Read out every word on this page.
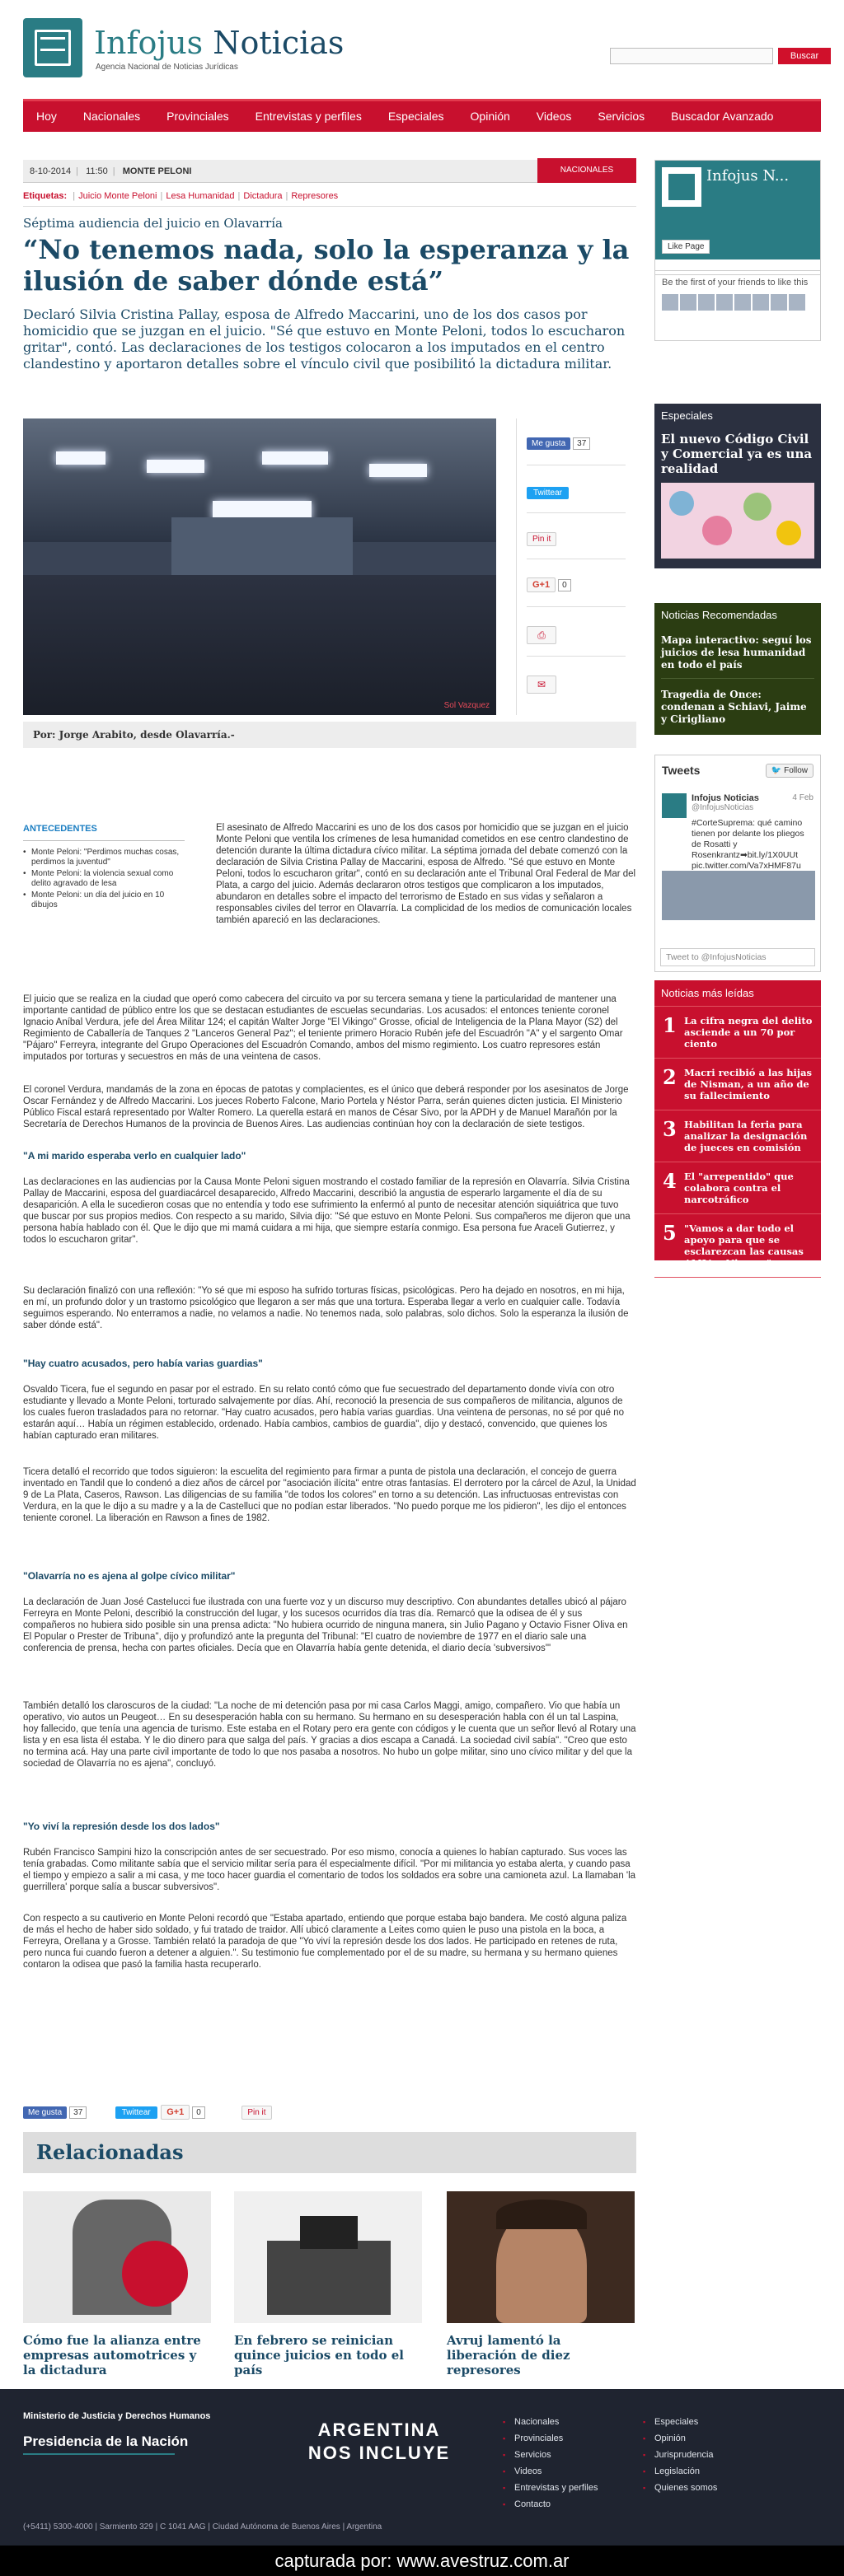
Infojus Noticias
Agencia Nacional de Noticias Jurídicas
Buscar
Hoy	Nacionales	Provinciales	Entrevistas y perfiles	Especiales	Opinión	Videos	Servicios	Buscador Avanzado
8-10-2014 | 11:50 | MONTE PELONI	NACIONALES
Etiquetas: | Juicio Monte Peloni | Lesa Humanidad | Dictadura | Represores
Séptima audiencia del juicio en Olavarría
“No tenemos nada, solo la esperanza y la ilusión de saber dónde está”
Declaró Silvia Cristina Pallay, esposa de Alfredo Maccarini, uno de los dos casos por homicidio que se juzgan en el juicio. "Sé que estuvo en Monte Peloni, todos lo escucharon gritar", contó. Las declaraciones de los testigos colocaron a los imputados en el centro clandestino y aportaron detalles sobre el vínculo civil que posibilitó la dictadura militar.
Sol Vazquez
Me gusta 37
Twittear
Pin it
G+1 0
⎙
✉
Por: Jorge Arabito, desde Olavarría.-
ANTECEDENTES
• Monte Peloni: "Perdimos muchas cosas, perdimos la juventud"
• Monte Peloni: la violencia sexual como delito agravado de lesa
• Monte Peloni: un día del juicio en 10 dibujos
El asesinato de Alfredo Maccarini es uno de los dos casos por homicidio que se juzgan en el juicio Monte Peloni que ventila los crímenes de lesa humanidad cometidos en ese centro clandestino de detención durante la última dictadura cívico militar. La séptima jornada del debate comenzó con la declaración de Silvia Cristina Pallay de Maccarini, esposa de Alfredo. "Sé que estuvo en Monte Peloni, todos lo escucharon gritar", contó en su declaración ante el Tribunal Oral Federal de Mar del Plata, a cargo del juicio. Además declararon otros testigos que complicaron a los imputados, abundaron en detalles sobre el impacto del terrorismo de Estado en sus vidas y señalaron a responsables civiles del terror en Olavarría. La complicidad de los medios de comunicación locales también apareció en las declaraciones.
El juicio que se realiza en la ciudad que operó como cabecera del circuito va por su tercera semana y tiene la particularidad de mantener una importante cantidad de público entre los que se destacan estudiantes de escuelas secundarias. Los acusados: el entonces teniente coronel Ignacio Aníbal Verdura, jefe del Área Militar 124; el capitán Walter Jorge "El Vikingo" Grosse, oficial de Inteligencia de la Plana Mayor (S2) del Regimiento de Caballería de Tanques 2 "Lanceros General Paz"; el teniente primero Horacio Rubén jefe del Escuadrón "A" y el sargento Omar "Pájaro" Ferreyra, integrante del Grupo Operaciones del Escuadrón Comando, ambos del mismo regimiento. Los cuatro represores están imputados por torturas y secuestros en más de una veintena de casos.
El coronel Verdura, mandamás de la zona en épocas de patotas y complacientes, es el único que deberá responder por los asesinatos de Jorge Oscar Fernández y de Alfredo Maccarini. Los jueces Roberto Falcone, Mario Portela y Néstor Parra, serán quienes dicten justicia. El Ministerio Público Fiscal estará representado por Walter Romero. La querella estará en manos de César Sivo, por la APDH y de Manuel Marañón por la Secretaría de Derechos Humanos de la provincia de Buenos Aires. Las audiencias continúan hoy con la declaración de siete testigos.
"A mi marido esperaba verlo en cualquier lado"
Las declaraciones en las audiencias por la Causa Monte Peloni siguen mostrando el costado familiar de la represión en Olavarría. Silvia Cristina Pallay de Maccarini, esposa del guardiacárcel desaparecido, Alfredo Maccarini, describió la angustia de esperarlo largamente el día de su desaparición. A ella le sucedieron cosas que no entendía y todo ese sufrimiento la enfermó al punto de necesitar atención siquiátrica que tuvo que buscar por sus propios medios. Con respecto a su marido, Silvia dijo: "Sé que estuvo en Monte Peloni. Sus compañeros me dijeron que una persona había hablado con él. Que le dijo que mi mamá cuidara a mi hija, que siempre estaría conmigo. Esa persona fue Araceli Gutierrez, y todos lo escucharon gritar".
Su declaración finalizó con una reflexión: "Yo sé que mi esposo ha sufrido torturas físicas, psicológicas. Pero ha dejado en nosotros, en mi hija, en mí, un profundo dolor y un trastorno psicológico que llegaron a ser más que una tortura. Esperaba llegar a verlo en cualquier calle. Todavía seguimos esperando. No enterramos a nadie, no velamos a nadie. No tenemos nada, solo palabras, solo dichos. Solo la esperanza la ilusión de saber dónde está".
"Hay cuatro acusados, pero había varias guardias"
Osvaldo Ticera, fue el segundo en pasar por el estrado. En su relato contó cómo que fue secuestrado del departamento donde vivía con otro estudiante y llevado a Monte Peloni, torturado salvajemente por días. Ahí, reconoció la presencia de sus compañeros de militancia, algunos de los cuales fueron trasladados para no retornar. "Hay cuatro acusados, pero había varias guardias. Una veintena de personas, no sé por qué no estarán aquí… Había un régimen establecido, ordenado. Había cambios, cambios de guardia", dijo y destacó, convencido, que quienes los habían capturado eran militares.
Ticera detalló el recorrido que todos siguieron: la escuelita del regimiento para firmar a punta de pistola una declaración, el concejo de guerra inventado en Tandil que lo condenó a diez años de cárcel por "asociación ilícita" entre otras fantasías. El derrotero por la cárcel de Azul, la Unidad 9 de La Plata, Caseros, Rawson. Las diligencias de su familia "de todos los colores" en torno a su detención. Las infructuosas entrevistas con Verdura, en la que le dijo a su madre y a la de Castelluci que no podían estar liberados. "No puedo porque me los pidieron", les dijo el entonces teniente coronel. La liberación en Rawson a fines de 1982.
"Olavarría no es ajena al golpe cívico militar"
La declaración de Juan José Castelucci fue ilustrada con una fuerte voz y un discurso muy descriptivo. Con abundantes detalles ubicó al pájaro Ferreyra en Monte Peloni, describió la construcción del lugar, y los sucesos ocurridos día tras día. Remarcó que la odisea de él y sus compañeros no hubiera sido posible sin una prensa adicta: "No hubiera ocurrido de ninguna manera, sin Julio Pagano y Octavio Fisner Oliva en El Popular o Prester de Tribuna", dijo y profundizó ante la pregunta del Tribunal: "El cuatro de noviembre de 1977 en el diario sale una conferencia de prensa, hecha con partes oficiales. Decía que en Olavarría había gente detenida, el diario decía 'subversivos'"
También detalló los claroscuros de la ciudad: "La noche de mi detención pasa por mi casa Carlos Maggi, amigo, compañero. Vio que había un operativo, vio autos un Peugeot… En su desesperación habla con su hermano. Su hermano en su desesperación habla con él un tal Laspina, hoy fallecido, que tenía una agencia de turismo. Este estaba en el Rotary pero era gente con códigos y le cuenta que un señor llevó al Rotary una lista y en esa lista él estaba. Y le dio dinero para que salga del país. Y gracias a dios escapa a Canadá. La sociedad civil sabía". "Creo que esto no termina acá. Hay una parte civil importante de todo lo que nos pasaba a nosotros. No hubo un golpe militar, sino uno cívico militar y del que la sociedad de Olavarría no es ajena", concluyó.
"Yo viví la represión desde los dos lados"
Rubén Francisco Sampini hizo la conscripción antes de ser secuestrado. Por eso mismo, conocía a quienes lo habían capturado. Sus voces las tenía grabadas. Como militante sabía que el servicio militar sería para él especialmente difícil. "Por mi militancia yo estaba alerta, y cuando pasa el tiempo y empiezo a salir a mi casa, y me toco hacer guardia el comentario de todos los soldados era sobre una camioneta azul. La llamaban 'la guerrillera' porque salía a buscar subversivos".
Con respecto a su cautiverio en Monte Peloni recordó que "Estaba apartado, entiendo que porque estaba bajo bandera. Me costó alguna paliza de más el hecho de haber sido soldado, y fui tratado de traidor. Allí ubicó claramente a Leites como quien le puso una pistola en la boca, a Ferreyra, Orellana y a Grosse. También relató la paradoja de que "Yo viví la represión desde los dos lados. He participado en retenes de ruta, pero nunca fui cuando fueron a detener a alguien.". Su testimonio fue complementado por el de su madre, su hermana y su hermano quienes contaron la odisea que pasó la familia hasta recuperarlo.
Me gusta 37	Twittear G+1 0	Pin it
Relacionadas
Cómo fue la alianza entre empresas automotrices y la dictadura
En febrero se reinician quince juicios en todo el país
Avruj lamentó la liberación de diez represores
Infojus N...
Like Page
Be the first of your friends to like this
Especiales
El nuevo Código Civil y Comercial ya es una realidad
Noticias Recomendadas
Mapa interactivo: seguí los juicios de lesa humanidad en todo el país
Tragedia de Once: condenan a Schiavi, Jaime y Cirigliano
Tweets	🐦 Follow
Infojus Noticias
@InfojusNoticias
4 Feb
#CorteSuprema: qué camino tienen por delante los pliegos de Rosatti y Rosenkrantz➡bit.ly/1X0UUt pic.twitter.com/Va7xHMF87u
Tweet to @InfojusNoticias
Noticias más leídas
1 La cifra negra del delito asciende a un 70 por ciento
2 Macri recibió a las hijas de Nisman, a un año de su fallecimiento
3 Habilitan la feria para analizar la designación de jueces en comisión
4 El "arrepentido" que colabora contra el narcotráfico
5 "Vamos a dar todo el apoyo para que se esclarezcan las causas AMIA y Nisman"
Ministerio de Justicia y Derechos Humanos
Presidencia de la Nación
(+5411) 5300-4000 | Sarmiento 329 | C 1041 AAG | Ciudad Autónoma de Buenos Aires | Argentina
ARGENTINA NOS INCLUYE
▪ Nacionales
▪ Provinciales
▪ Servicios
▪ Videos
▪ Entrevistas y perfiles
▪ Contacto
▪ Especiales
▪ Opinión
▪ Jurisprudencia
▪ Legislación
▪ Quienes somos
capturada por: www.avestruz.com.ar
